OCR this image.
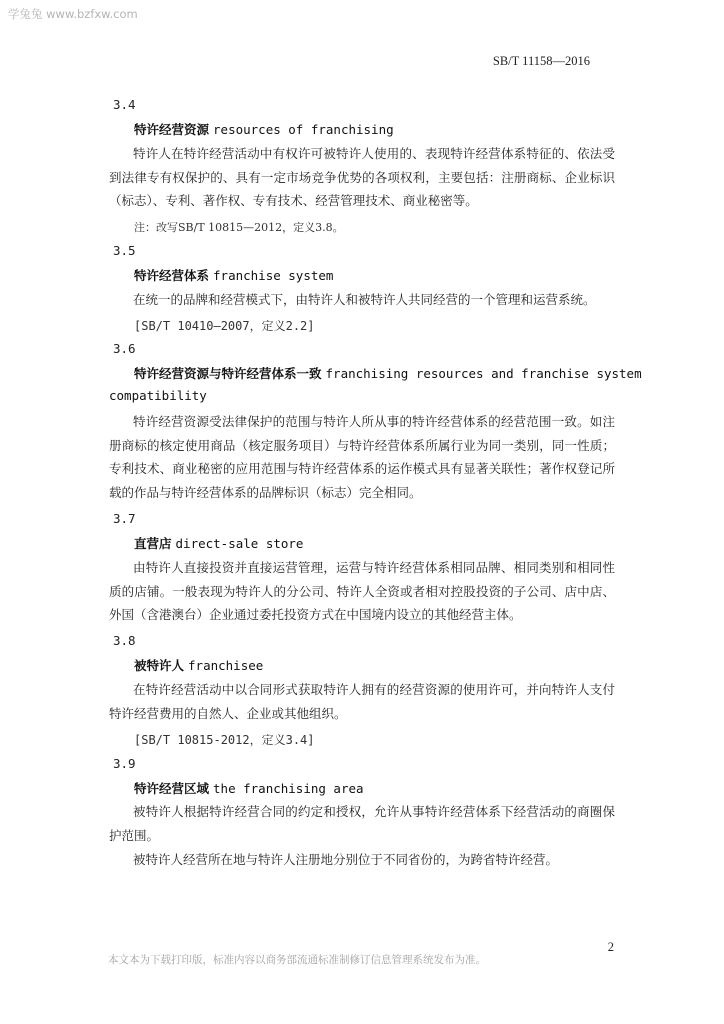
学兔兔 www.bzfxw.com
SB/T 11158—2016
3.4
特许经营资源 resources of franchising
特许人在特许经营活动中有权许可被特许人使用的、表现特许经营体系特征的、依法受到法律专有权保护的、具有一定市场竞争优势的各项权利，主要包括：注册商标、企业标识（标志）、专利、著作权、专有技术、经营管理技术、商业秘密等。
注：改写SB/T 10815—2012，定义3.8。
3.5
特许经营体系 franchise system
在统一的品牌和经营模式下，由特许人和被特许人共同经营的一个管理和运营系统。
[SB/T 10410—2007，定义2.2]
3.6
特许经营资源与特许经营体系一致 franchising resources and franchise system
compatibility
特许经营资源受法律保护的范围与特许人所从事的特许经营体系的经营范围一致。如注册商标的核定使用商品（核定服务项目）与特许经营体系所属行业为同一类别，同一性质；专利技术、商业秘密的应用范围与特许经营体系的运作模式具有显著关联性；著作权登记所载的作品与特许经营体系的品牌标识（标志）完全相同。
3.7
直营店 direct-sale store
由特许人直接投资并直接运营管理，运营与特许经营体系相同品牌、相同类别和相同性质的店铺。一般表现为特许人的分公司、特许人全资或者相对控股投资的子公司、店中店、外国（含港澳台）企业通过委托投资方式在中国境内设立的其他经营主体。
3.8
被特许人 franchisee
在特许经营活动中以合同形式获取特许人拥有的经营资源的使用许可，并向特许人支付特许经营费用的自然人、企业或其他组织。
[SB/T 10815-2012，定义3.4]
3.9
特许经营区域 the franchising area
被特许人根据特许经营合同的约定和授权，允许从事特许经营体系下经营活动的商圈保护范围。
被特许人经营所在地与特许人注册地分别位于不同省份的，为跨省特许经营。
2
本文本为下载打印版，标准内容以商务部流通标准制修订信息管理系统发布为准。
